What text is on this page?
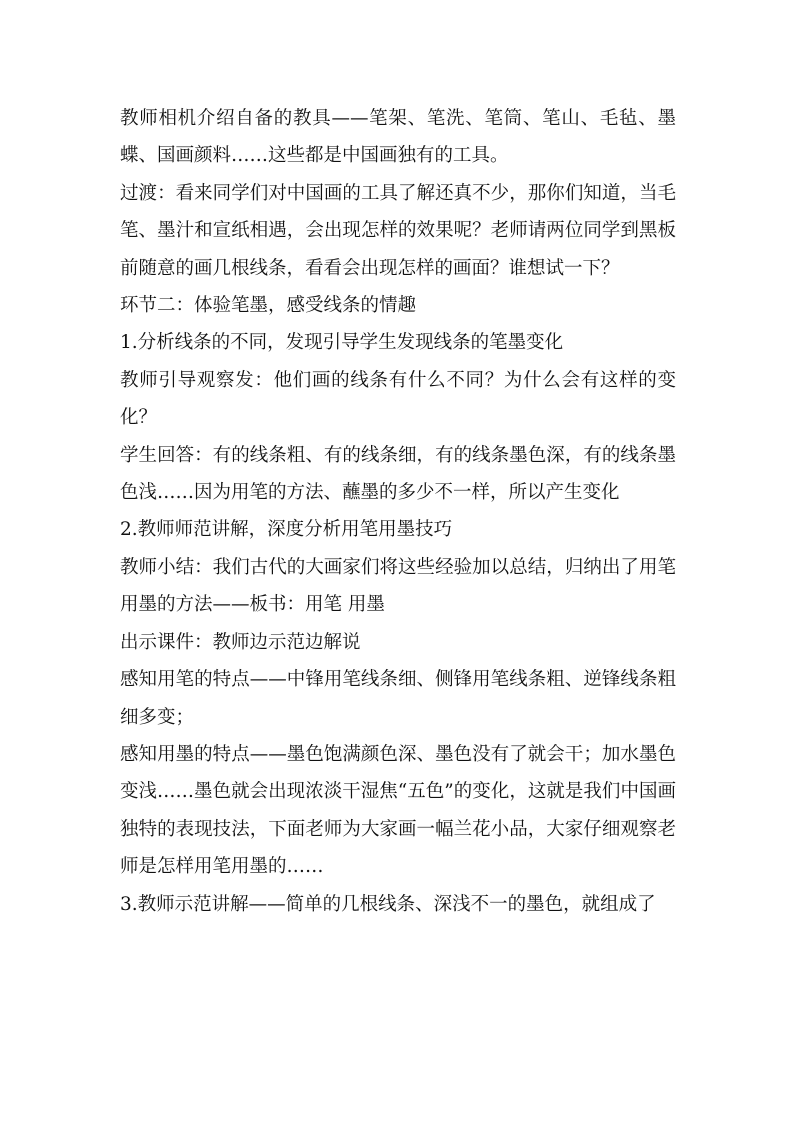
教师相机介绍自备的教具——笔架、笔洗、笔筒、笔山、毛毡、墨蝶、国画颜料……这些都是中国画独有的工具。

过渡：看来同学们对中国画的工具了解还真不少，那你们知道，当毛笔、墨汁和宣纸相遇，会出现怎样的效果呢？老师请两位同学到黑板前随意的画几根线条，看看会出现怎样的画面？谁想试一下？

环节二：体验笔墨，感受线条的情趣

1.分析线条的不同，发现引导学生发现线条的笔墨变化

教师引导观察发：他们画的线条有什么不同？为什么会有这样的变化？

学生回答：有的线条粗、有的线条细，有的线条墨色深，有的线条墨色浅……因为用笔的方法、蘸墨的多少不一样，所以产生变化

2.教师师范讲解，深度分析用笔用墨技巧

教师小结：我们古代的大画家们将这些经验加以总结，归纳出了用笔用墨的方法——板书：用笔 用墨

出示课件：教师边示范边解说

感知用笔的特点——中锋用笔线条细、侧锋用笔线条粗、逆锋线条粗细多变；

感知用墨的特点——墨色饱满颜色深、墨色没有了就会干；加水墨色变浅……墨色就会出现浓淡干湿焦“五色”的变化，这就是我们中国画独特的表现技法，下面老师为大家画一幅兰花小品，大家仔细观察老师是怎样用笔用墨的……

3.教师示范讲解——简单的几根线条、深浅不一的墨色，就组成了
